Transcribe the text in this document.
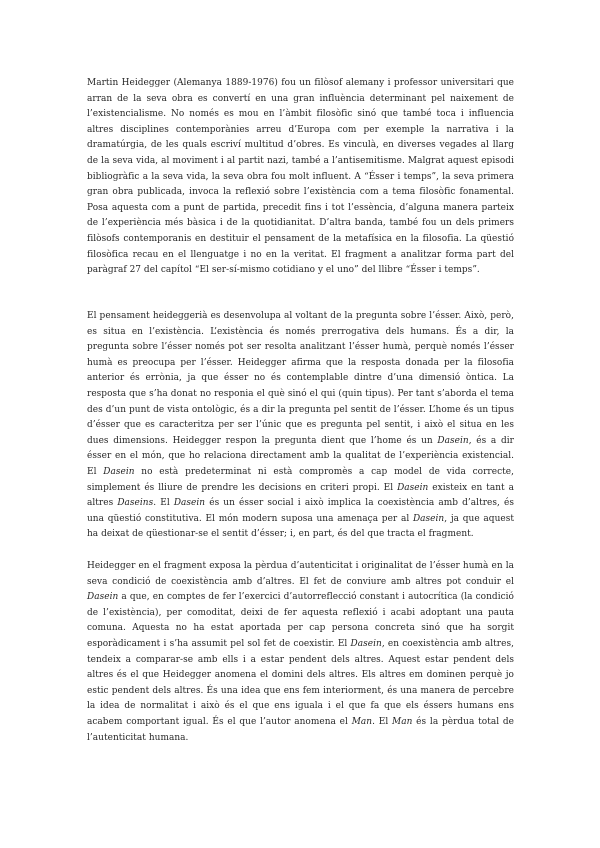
Martin Heidegger (Alemanya 1889-1976) fou un filòsof alemany i professor universitari que arran de la seva obra es convertí en una gran influència determinant pel naixement de l’existencialisme. No només es mou en l’àmbit filosòfic sinó que també toca i influencia altres disciplines contemporànies arreu d’Europa com per exemple la narrativa i la dramatúrgia, de les quals escriví multitud d’obres. Es vinculà, en diverses vegades al llarg de la seva vida, al moviment i al partit nazi, també a l’antisemitisme. Malgrat aquest episodi bibliogràfic a la seva vida, la seva obra fou molt influent. A “Ésser i temps”, la seva primera gran obra publicada, invoca la reflexió sobre l’existència com a tema filosòfic fonamental. Posa aquesta com a punt de partida, precedit fins i tot l’essència, d’alguna manera parteix de l’experiència més bàsica i de la quotidianitat. D’altra banda, també fou un dels primers filòsofs contemporanis en destituir el pensament de la metafísica en la filosofia. La qüestió filosòfica recau en el llenguatge i no en la veritat. El fragment a analitzar forma part del paràgraf 27 del capítol “El ser-sí-mismo cotidiano y el uno” del llibre “Ésser i temps”.

El pensament heideggerià es desenvolupa al voltant de la pregunta sobre l’ésser. Això, però, es situa en l’existència. L’existència és només prerrogativa dels humans. És a dir, la pregunta sobre l’ésser només pot ser resolta analitzant l’ésser humà, perquè només l’ésser humà es preocupa per l’ésser. Heidegger afirma que la resposta donada per la filosofia anterior és errònia, ja que ésser no és contemplable dintre d’una dimensió òntica. La resposta que s’ha donat no responia el què sinó el qui (quin tipus). Per tant s’aborda el tema des d’un punt de vista ontològic, és a dir la pregunta pel sentit de l’ésser. L’home és un tipus d’ésser que es caracteritza per ser l’únic que es pregunta pel sentit, i això el situa en les dues dimensions. Heidegger respon la pregunta dient que l’home és un Dasein, és a dir ésser en el món, que ho relaciona directament amb la qualitat de l’experiència existencial. El Dasein no està predeterminat ni està compromès a cap model de vida correcte, simplement és lliure de prendre les decisions en criteri propi. El Dasein existeix en tant a altres Daseins. El Dasein és un ésser social i això implica la coexistència amb d’altres, és una qüestió constitutiva. El món modern suposa una amenaça per al Dasein, ja que aquest ha deixat de qüestionar-se el sentit d’ésser; i, en part, és del que tracta el fragment.

Heidegger en el fragment exposa la pèrdua d’autenticitat i originalitat de l’ésser humà en la seva condició de coexistència amb d’altres. El fet de conviure amb altres pot conduir el Dasein a que, en comptes de fer l’exercici d’autorreflecció constant i autocrítica (la condició de l’existència), per comoditat, deixi de fer aquesta reflexió i acabi adoptant una pauta comuna. Aquesta no ha estat aportada per cap persona concreta sinó que ha sorgit esporàdicament i s’ha assumit pel sol fet de coexistir. El Dasein, en coexistència amb altres, tendeix a comparar-se amb ells i a estar pendent dels altres. Aquest estar pendent dels altres és el que Heidegger anomena el domini dels altres. Els altres em dominen perquè jo estic pendent dels altres. És una idea que ens fem interiorment, és una manera de percebre la idea de normalitat i això és el que ens iguala i el que fa que els éssers humans ens acabem comportant igual. És el que l’autor anomena el Man. El Man és la pèrdua total de l’autenticitat humana.
